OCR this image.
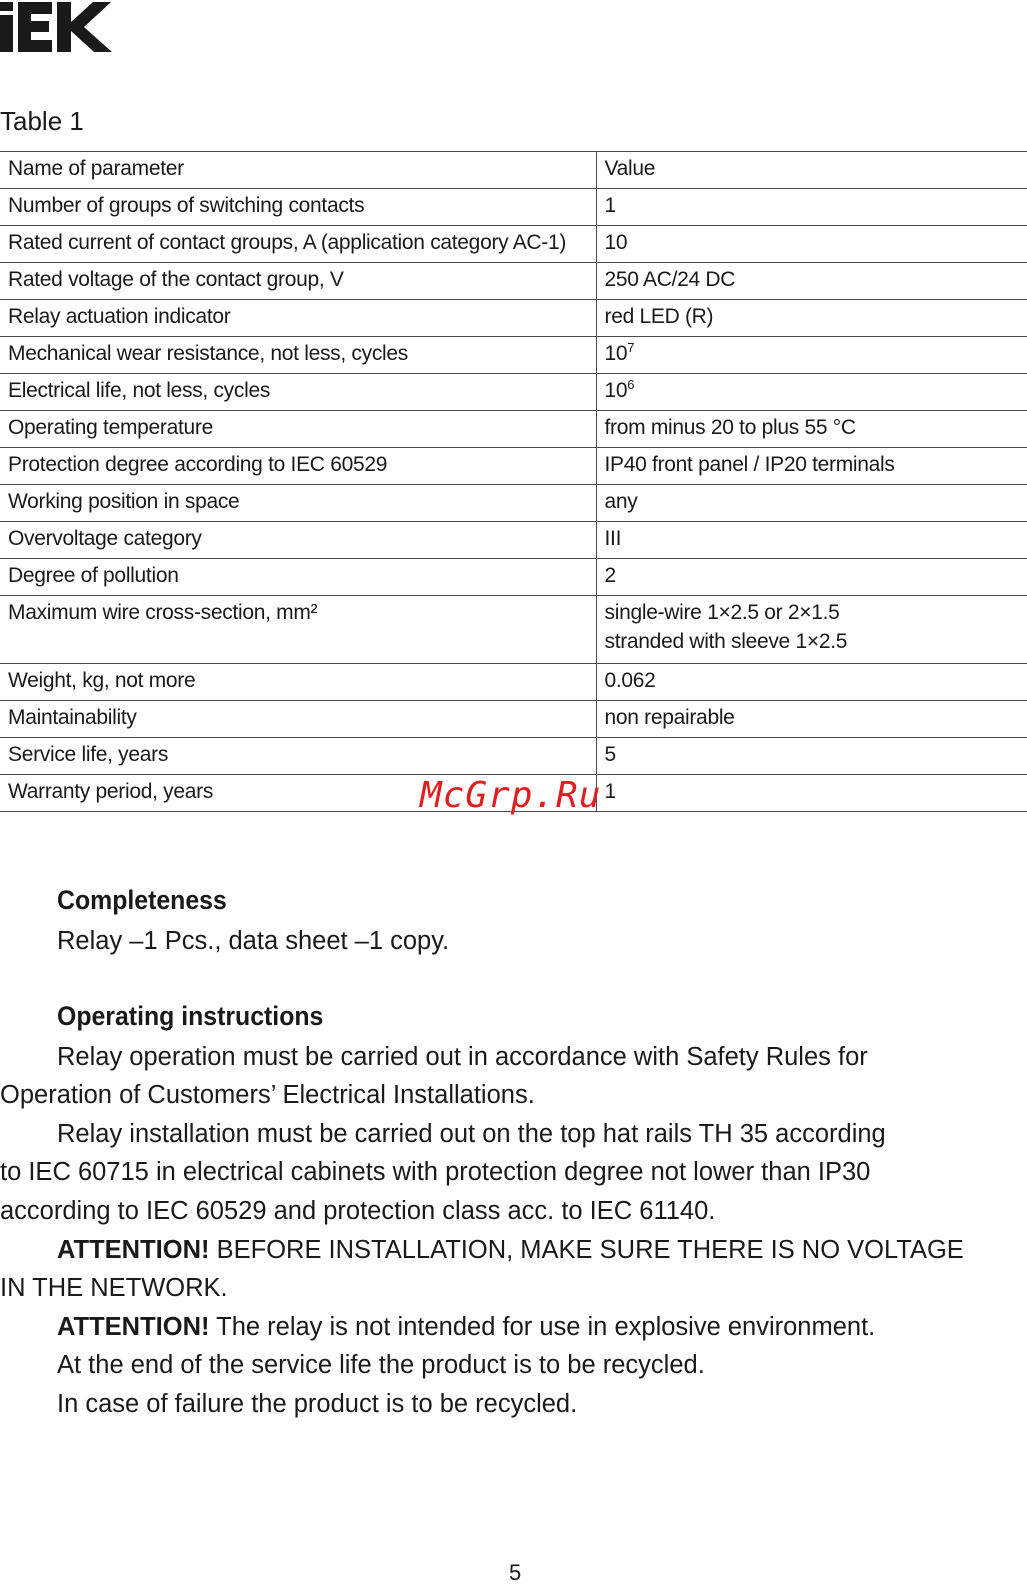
Table 1
Name of parameter	Value
Number of groups of switching contacts	1
Rated current of contact groups, A (application category AC-1)	10
Rated voltage of the contact group, V	250 AC/24 DC
Relay actuation indicator	red LED (R)
Mechanical wear resistance, not less, cycles	$10^7$
Electrical life, not less, cycles	$10^6$
Operating temperature	from minus 20 to plus 55 °C
Protection degree according to IEC 60529	IP40 front panel / IP20 terminals
Working position in space	any
Overvoltage category	III
Degree of pollution	2
Maximum wire cross-section, mm²	single-wire 1×2.5 or 2×1.5
stranded with sleeve 1×2.5

Weight, kg, not more	0.062
Maintainability	non repairable
Service life, years	5
Warranty period, years	1
McGrp.Ru
Completeness
Relay –1 Pcs., data sheet –1 copy.
Operating instructions
Relay operation must be carried out in accordance with Safety Rules for
Operation of Customers’ Electrical Installations.
Relay installation must be carried out on the top hat rails TH 35 according
to IEC 60715 in electrical cabinets with protection degree not lower than IP30
according to IEC 60529 and protection class acc. to IEC 61140.
ATTENTION! BEFORE INSTALLATION, MAKE SURE THERE IS NO VOLTAGE
IN THE NETWORK.
ATTENTION! The relay is not intended for use in explosive environment.
At the end of the service life the product is to be recycled.
In case of failure the product is to be recycled.
5
